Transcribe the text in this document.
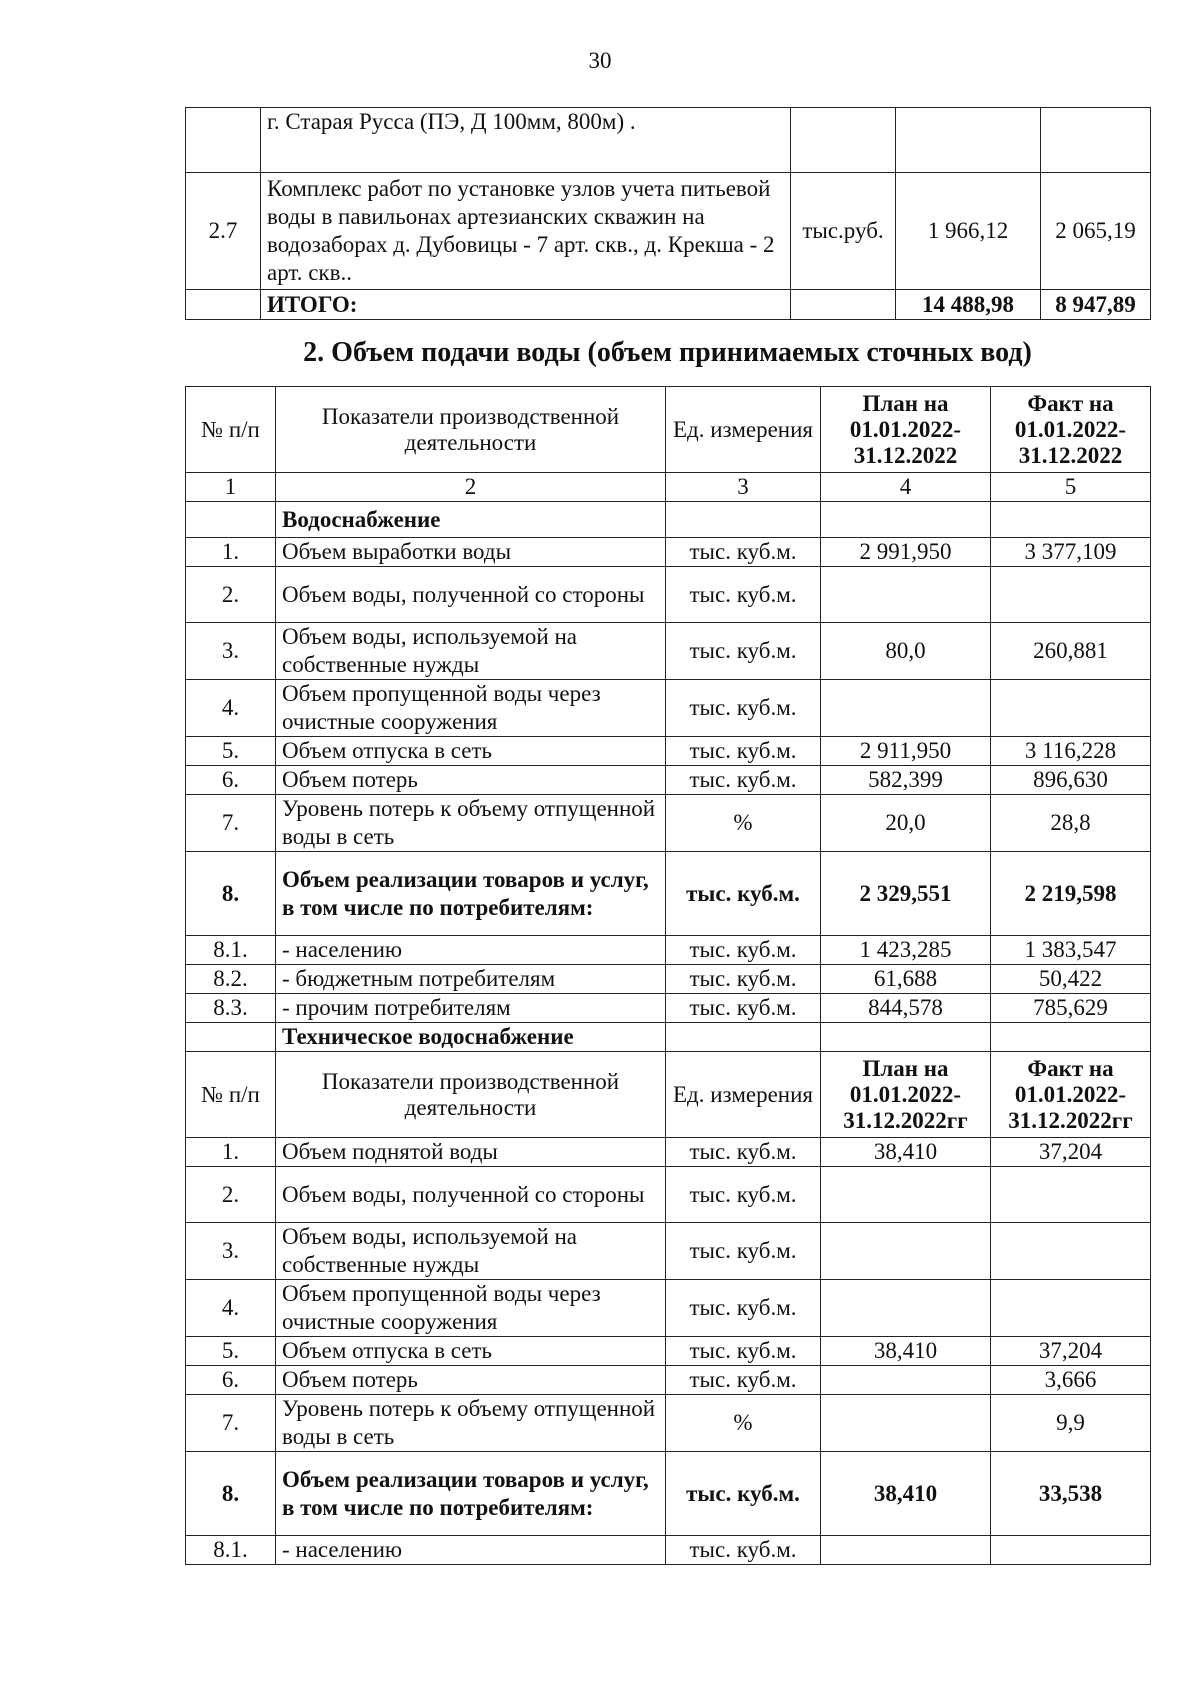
30
	г. Старая Русса (ПЭ, Д 100мм, 800м) .			
2.7	Комплекс работ по установке узлов учета питьевой воды в павильонах артезианских скважин на водозаборах д. Дубовицы - 7 арт. скв., д. Крекша - 2 арт. скв..	тыс.руб.	1 966,12	2 065,19
	ИТОГО:		14 488,98	8 947,89
2. Объем подачи воды (объем принимаемых сточных вод)
№ п/п	Показатели производственной деятельности	Ед. измерения	План на 01.01.2022-31.12.2022	Факт на 01.01.2022-31.12.2022
1	2	3	4	5
	Водоснабжение			
1.	Объем выработки воды	тыс. куб.м.	2 991,950	3 377,109
2.	Объем воды, полученной со стороны	тыс. куб.м.		
3.	Объем воды, используемой на собственные нужды	тыс. куб.м.	80,0	260,881
4.	Объем пропущенной воды через очистные сооружения	тыс. куб.м.		
5.	Объем отпуска в сеть	тыс. куб.м.	2 911,950	3 116,228
6.	Объем потерь	тыс. куб.м.	582,399	896,630
7.	Уровень потерь к объему отпущенной воды в сеть	%	20,0	28,8
8.	Объем реализации товаров и услуг, в том числе по потребителям:	тыс. куб.м.	2 329,551	2 219,598
8.1.	- населению	тыс. куб.м.	1 423,285	1 383,547
8.2.	- бюджетным потребителям	тыс. куб.м.	61,688	50,422
8.3.	- прочим потребителям	тыс. куб.м.	844,578	785,629
	Техническое водоснабжение			
№ п/п	Показатели производственной деятельности	Ед. измерения	План на 01.01.2022-31.12.2022гг	Факт на 01.01.2022-31.12.2022гг
1.	Объем поднятой воды	тыс. куб.м.	38,410	37,204
2.	Объем воды, полученной со стороны	тыс. куб.м.		
3.	Объем воды, используемой на собственные нужды	тыс. куб.м.		
4.	Объем пропущенной воды через очистные сооружения	тыс. куб.м.		
5.	Объем отпуска в сеть	тыс. куб.м.	38,410	37,204
6.	Объем потерь	тыс. куб.м.		3,666
7.	Уровень потерь к объему отпущенной воды в сеть	%		9,9
8.	Объем реализации товаров и услуг, в том числе по потребителям:	тыс. куб.м.	38,410	33,538
8.1.	- населению	тыс. куб.м.		
